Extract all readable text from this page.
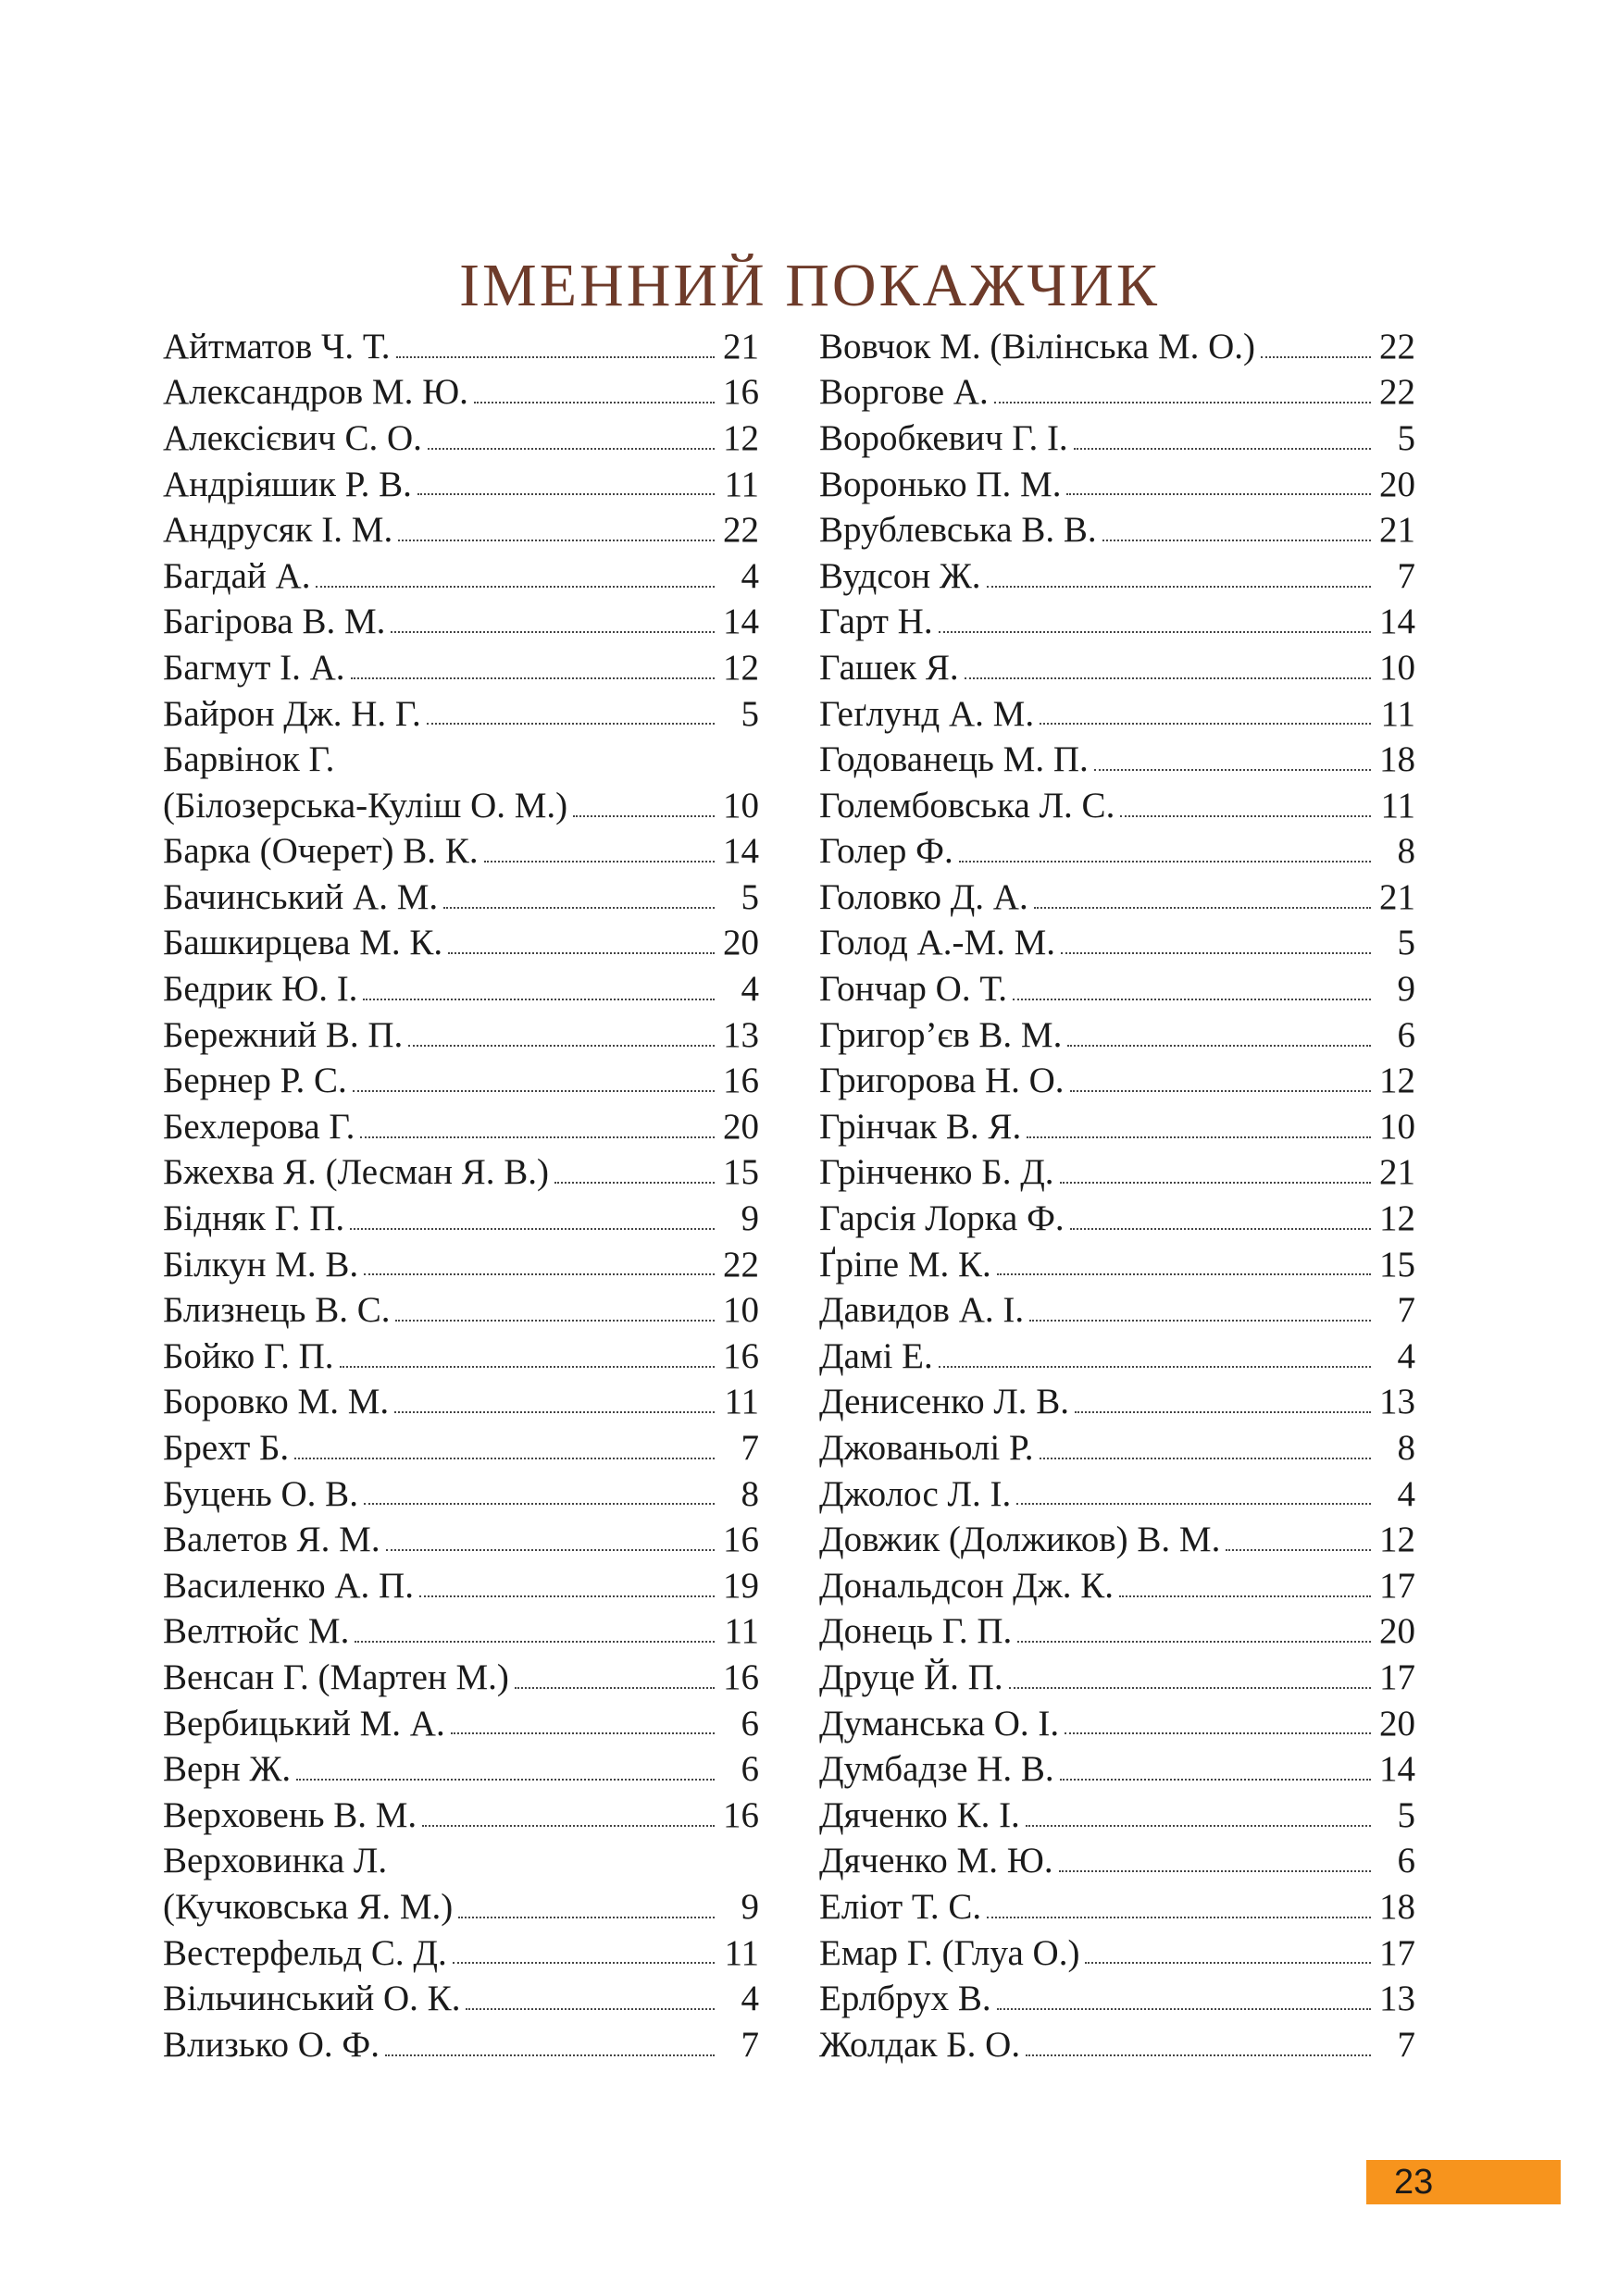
ІМЕННИЙ ПОКАЖЧИК
Айтматов Ч. Т.	21
Александров М. Ю.	16
Алексієвич С. О.	12
Андріяшик Р. В.	11
Андрусяк І. М.	22
Багдай А.	4
Багірова В. М.	14
Багмут І. А.	12
Байрон Дж. Н. Г.	5
Барвінок Г.
(Білозерська-Куліш О. М.)	10
Барка (Очерет) В. К.	14
Бачинський А. М.	5
Башкирцева М. К.	20
Бедрик Ю. І.	4
Бережний В. П.	13
Бернер Р. С.	16
Бехлерова Г.	20
Бжехва Я. (Лесман Я. В.)	15
Бідняк Г. П.	9
Білкун М. В.	22
Близнець В. С.	10
Бойко Г. П.	16
Боровко М. М.	11
Брехт Б.	7
Буцень О. В.	8
Валетов Я. М.	16
Василенко А. П.	19
Велтюйс М.	11
Венсан Г. (Мартен М.)	16
Вербицький М. А.	6
Верн Ж.	6
Верховень В. М.	16
Верховинка Л.
(Кучковська Я. М.)	9
Вестерфельд С. Д.	11
Вільчинський О. К.	4
Влизько О. Ф.	7
Вовчок М. (Вілінська М. О.)	22
Воргове А.	22
Воробкевич Г. І.	5
Воронько П. М.	20
Врублевська В. В.	21
Вудсон Ж.	7
Гарт Н.	14
Гашек Я.	10
Геґлунд А. М.	11
Годованець М. П.	18
Голембовська Л. С.	11
Голер Ф.	8
Головко Д. А.	21
Голод А.-М. М.	5
Гончар О. Т.	9
Григор’єв В. М.	6
Григорова Н. О.	12
Грінчак В. Я.	10
Грінченко Б. Д.	21
Гарсія Лорка Ф.	12
Ґріпе М. К.	15
Давидов А. І.	7
Дамі Е.	4
Денисенко Л. В.	13
Джованьолі Р.	8
Джолос Л. І.	4
Довжик (Должиков) В. М.	12
Дональдсон Дж. К.	17
Донець Г. П.	20
Друце Й. П.	17
Думанська О. І.	20
Думбадзе Н. В.	14
Дяченко К. І.	5
Дяченко М. Ю.	6
Еліот Т. С.	18
Емар Г. (Глуа О.)	17
Ерлбрух В.	13
Жолдак Б. О.	7
23
